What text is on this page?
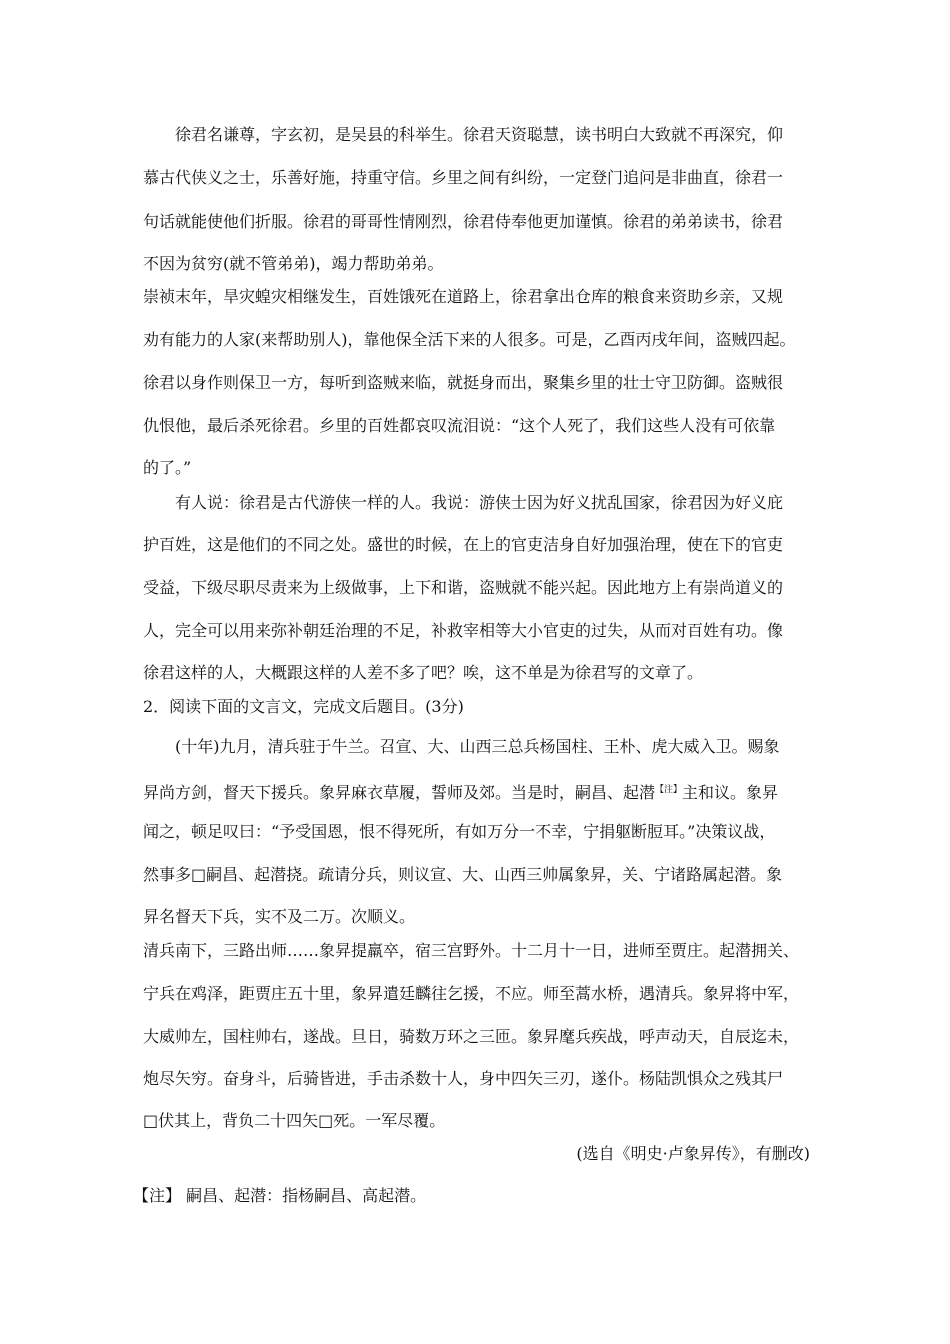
徐君名谦尊，字玄初，是吴县的科举生。徐君天资聪慧，读书明白大致就不再深究，仰
慕古代侠义之士，乐善好施，持重守信。乡里之间有纠纷，一定登门追问是非曲直，徐君一
句话就能使他们折服。徐君的哥哥性情刚烈，徐君侍奉他更加谨慎。徐君的弟弟读书，徐君
不因为贫穷(就不管弟弟)，竭力帮助弟弟。
崇祯末年，旱灾蝗灾相继发生，百姓饿死在道路上，徐君拿出仓库的粮食来资助乡亲，又规
劝有能力的人家(来帮助别人)，靠他保全活下来的人很多。可是，乙酉丙戌年间，盗贼四起。
徐君以身作则保卫一方，每听到盗贼来临，就挺身而出，聚集乡里的壮士守卫防御。盗贼很
仇恨他，最后杀死徐君。乡里的百姓都哀叹流泪说：“这个人死了，我们这些人没有可依靠
的了。”
有人说：徐君是古代游侠一样的人。我说：游侠士因为好义扰乱国家，徐君因为好义庇
护百姓，这是他们的不同之处。盛世的时候，在上的官吏洁身自好加强治理，使在下的官吏
受益，下级尽职尽责来为上级做事，上下和谐，盗贼就不能兴起。因此地方上有崇尚道义的
人，完全可以用来弥补朝廷治理的不足，补救宰相等大小官吏的过失，从而对百姓有功。像
徐君这样的人，大概跟这样的人差不多了吧？唉，这不单是为徐君写的文章了。
2．阅读下面的文言文，完成文后题目。(3分)
(十年)九月，清兵驻于牛兰。召宣、大、山西三总兵杨国柱、王朴、虎大威入卫。赐象
昇尚方剑，督天下援兵。象昇麻衣草履，誓师及郊。当是时，嗣昌、起潜$^{【注】}$主和议。象昇
闻之，顿足叹曰：“予受国恩，恨不得死所，有如万分一不幸，宁捐躯断脰耳。”决策议战，
然事多□嗣昌、起潜挠。疏请分兵，则议宣、大、山西三帅属象昇，关、宁诸路属起潜。象
昇名督天下兵，实不及二万。次顺义。
清兵南下，三路出师……象昇提羸卒，宿三宫野外。十二月十一日，进师至贾庄。起潜拥关、
宁兵在鸡泽，距贾庄五十里，象昇遣廷麟往乞援，不应。师至蒿水桥，遇清兵。象昇将中军，
大威帅左，国柱帅右，遂战。旦日，骑数万环之三匝。象昇麾兵疾战，呼声动天，自辰迄未，
炮尽矢穷。奋身斗，后骑皆进，手击杀数十人，身中四矢三刃，遂仆。杨陆凯惧众之残其尸
□伏其上，背负二十四矢□死。一军尽覆。
(选自《明史·卢象昇传》，有删改)
【注】 嗣昌、起潜：指杨嗣昌、高起潜。
